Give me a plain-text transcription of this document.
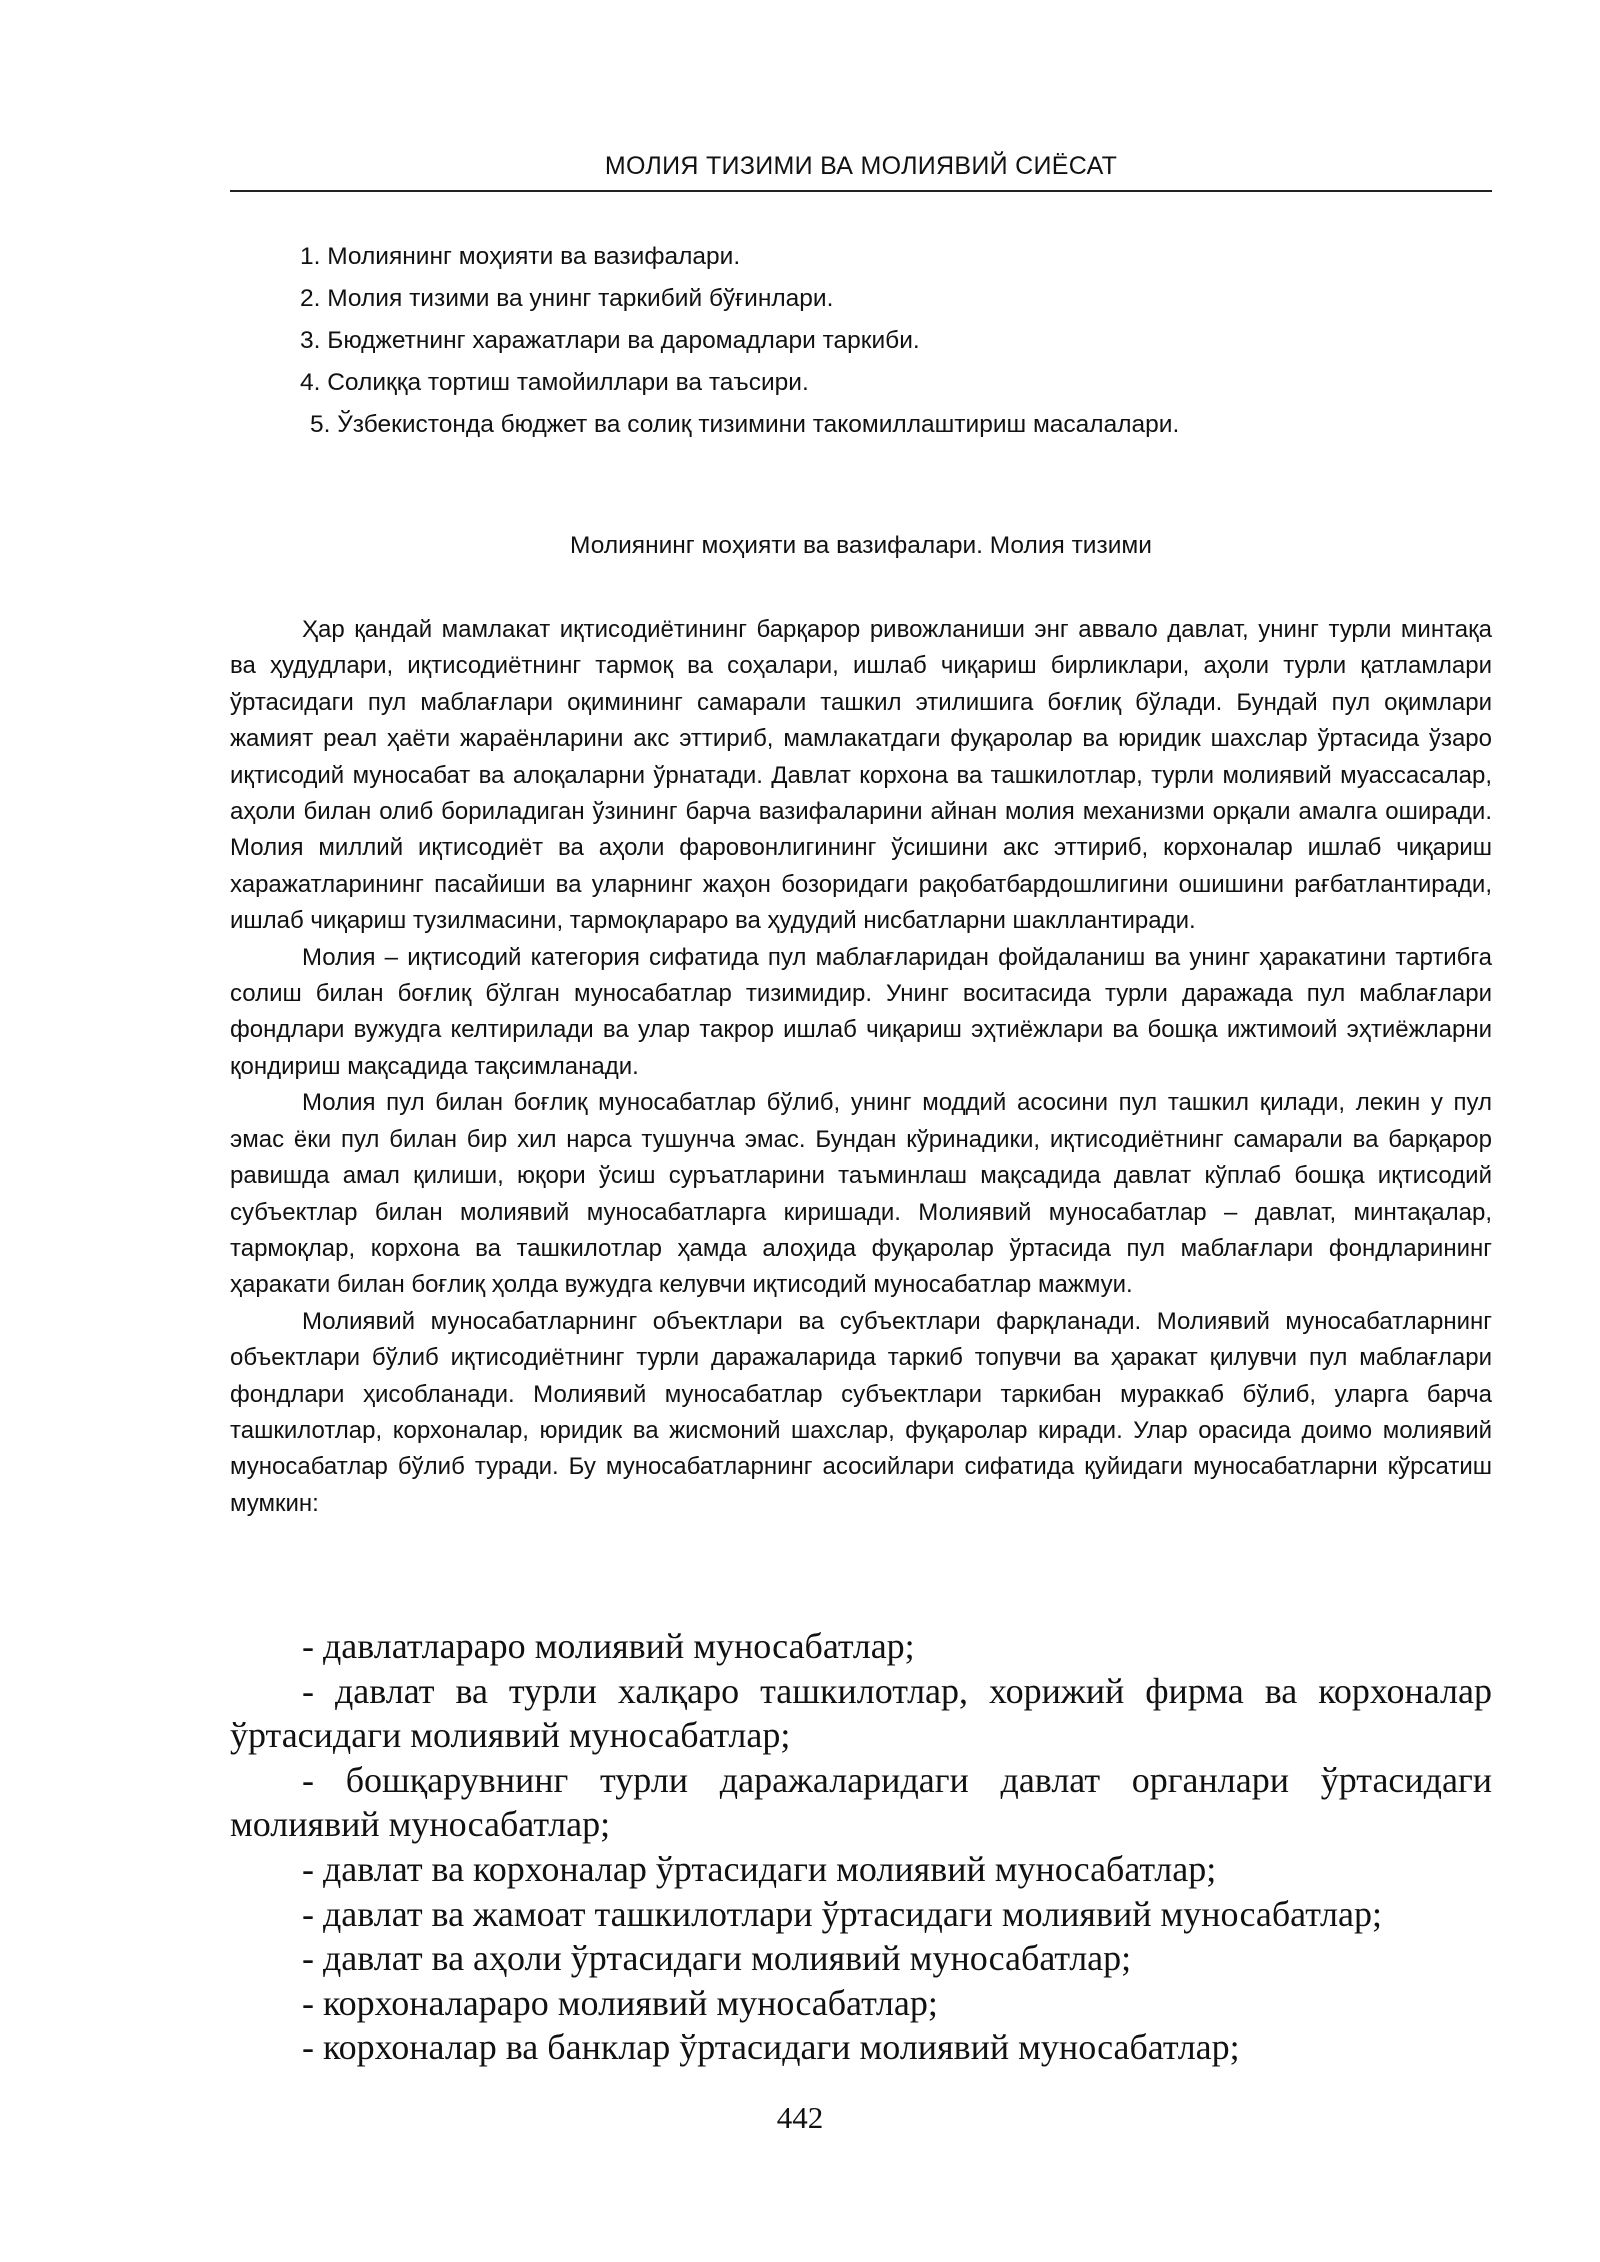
МОЛИЯ ТИЗИМИ ВА МОЛИЯВИЙ СИЁСАТ
1. Молиянинг моҳияти ва вазифалари.
2. Молия тизими ва унинг таркибий бўғинлари.
3. Бюджетнинг харажатлари ва даромадлари таркиби.
4. Солиққа тортиш тамойиллари ва таъсири.
5. Ўзбекистонда бюджет ва солиқ тизимини такомиллаштириш масалалари.
Молиянинг моҳияти ва вазифалари. Молия тизими

Ҳар қандай мамлакат иқтисодиётининг барқарор ривожланиши энг аввало давлат, унинг турли минтақа ва ҳудудлари, иқтисодиётнинг тармоқ ва соҳалари, ишлаб чиқариш бирликлари, аҳоли турли қатламлари ўртасидаги пул маблағлари оқимининг самарали ташкил этилишига боғлиқ бўлади. Бундай пул оқимлари жамият реал ҳаёти жараёнларини акс эттириб, мамлакатдаги фуқаролар ва юридик шахслар ўртасида ўзаро иқтисодий муносабат ва алоқаларни ўрнатади. Давлат корхона ва ташкилотлар, турли молиявий муассасалар, аҳоли билан олиб бориладиган ўзининг барча вазифаларини айнан молия механизми орқали амалга оширади. Молия миллий иқтисодиёт ва аҳоли фаровонлигининг ўсишини акс эттириб, корхоналар ишлаб чиқариш харажатларининг пасайиши ва уларнинг жаҳон бозоридаги рақобатбардошлигини ошишини рағбатлантиради, ишлаб чиқариш тузилмасини, тармоқлараро ва ҳудудий нисбатларни шакллантиради.

Молия – иқтисодий категория сифатида пул маблағларидан фойдаланиш ва унинг ҳаракатини тартибга солиш билан боғлиқ бўлган муносабатлар тизимидир. Унинг воситасида турли даражада пул маблағлари фондлари вужудга келтирилади ва улар такрор ишлаб чиқариш эҳтиёжлари ва бошқа ижтимоий эҳтиёжларни қондириш мақсадида тақсимланади.

Молия пул билан боғлиқ муносабатлар бўлиб, унинг моддий асосини пул ташкил қилади, лекин у пул эмас ёки пул билан бир хил нарса тушунча эмас. Бундан кўринадики, иқтисодиётнинг самарали ва барқарор равишда амал қилиши, юқори ўсиш суръатларини таъминлаш мақсадида давлат кўплаб бошқа иқтисодий субъектлар билан молиявий муносабатларга киришади. Молиявий муносабатлар – давлат, минтақалар, тармоқлар, корхона ва ташкилотлар ҳамда алоҳида фуқаролар ўртасида пул маблағлари фондларининг ҳаракати билан боғлиқ ҳолда вужудга келувчи иқтисодий муносабатлар мажмуи.

Молиявий муносабатларнинг объектлари ва субъектлари фарқланади. Молиявий муносабатларнинг объектлари бўлиб иқтисодиётнинг турли даражаларида таркиб топувчи ва ҳаракат қилувчи пул маблағлари фондлари ҳисобланади. Молиявий муносабатлар субъектлари таркибан мураккаб бўлиб, уларга барча ташкилотлар, корхоналар, юридик ва жисмоний шахслар, фуқаролар киради. Улар орасида доимо молиявий муносабатлар бўлиб туради. Бу муносабатларнинг асосийлари сифатида қуйидаги муносабатларни кўрсатиш мумкин:

- давлатлараро молиявий муносабатлар;

- давлат ва турли халқаро ташкилотлар, хорижий фирма ва корхоналар ўртасидаги молиявий муносабатлар;

- бошқарувнинг турли даражаларидаги давлат органлари ўртасидаги молиявий муносабатлар;

- давлат ва корхоналар ўртасидаги молиявий муносабатлар;

- давлат ва жамоат ташкилотлари ўртасидаги молиявий муносабатлар;

- давлат ва аҳоли ўртасидаги молиявий муносабатлар;

- корхоналараро молиявий муносабатлар;

- корхоналар ва банклар ўртасидаги молиявий муносабатлар;

442
